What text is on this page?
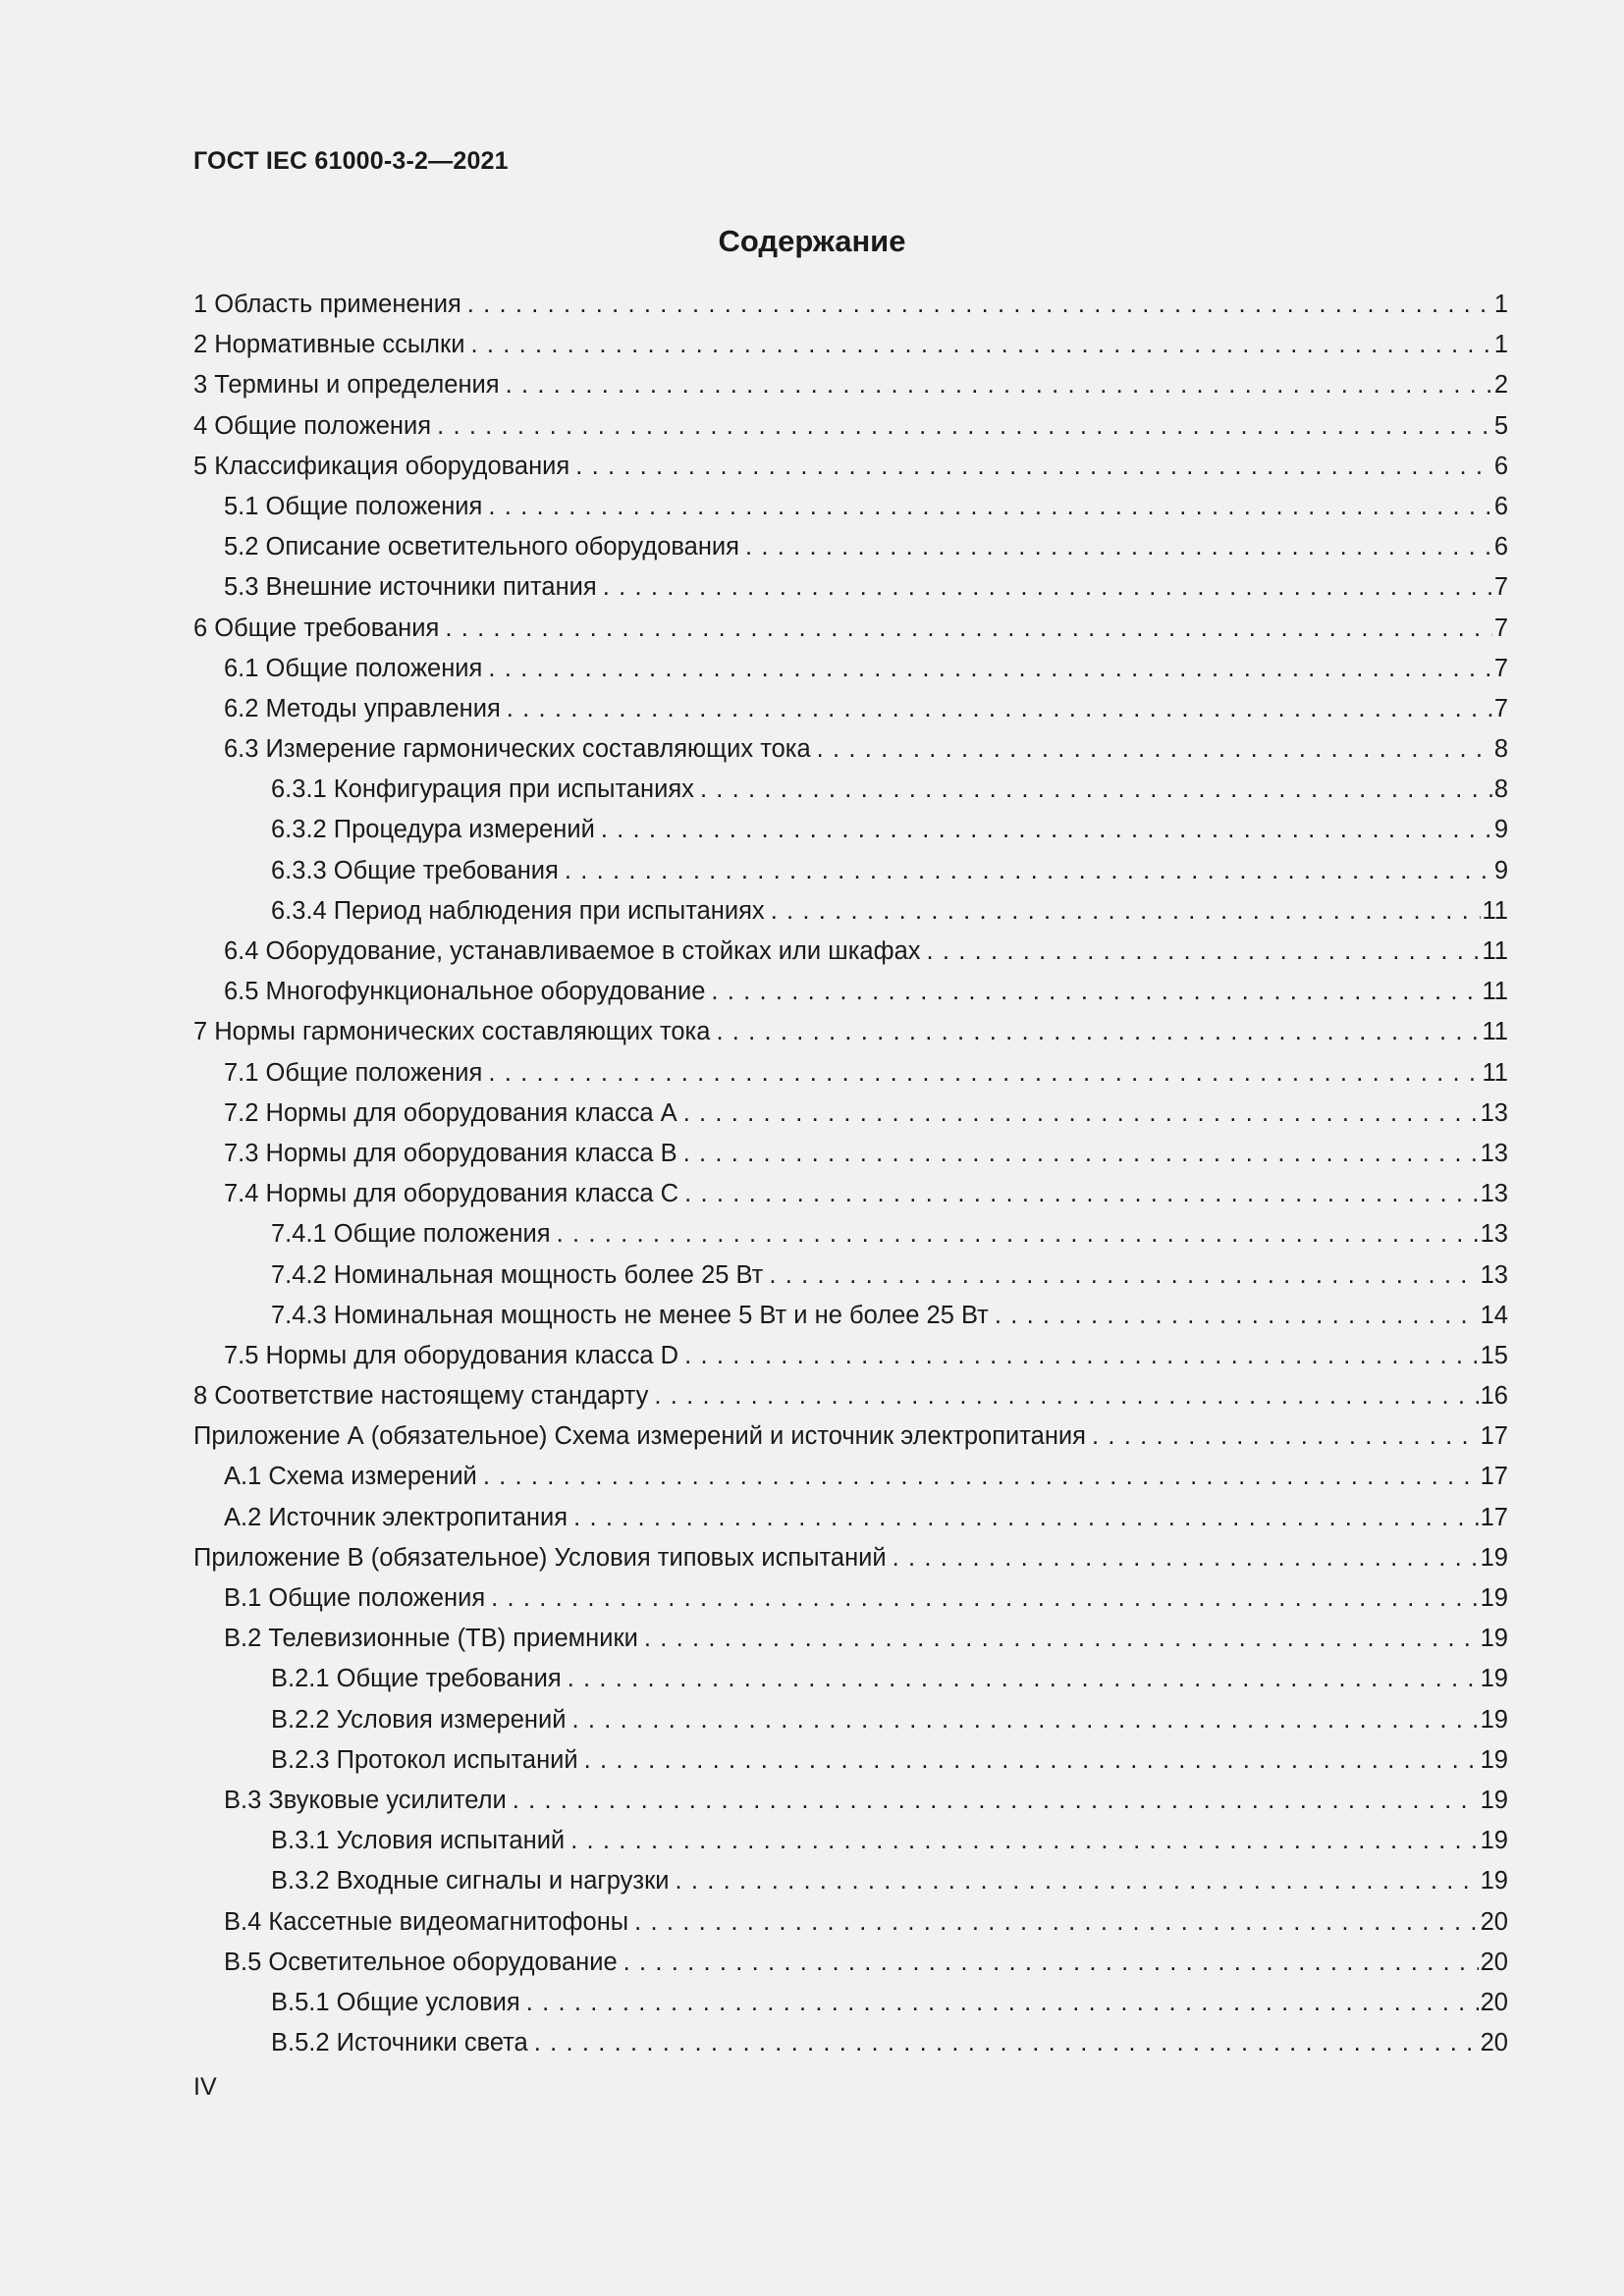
ГОСТ IEC 61000-3-2—2021
Содержание
1 Область применения . . .	1
2 Нормативные ссылки . . .	1
3 Термины и определения . . .	2
4 Общие положения . . .	5
5 Классификация оборудования . . .	6
5.1 Общие положения . . .	6
5.2 Описание осветительного оборудования . . .	6
5.3 Внешние источники питания . . .	7
6 Общие требования . . .	7
6.1 Общие положения . . .	7
6.2 Методы управления . . .	7
6.3 Измерение гармонических составляющих тока . . .	8
6.3.1 Конфигурация при испытаниях . . .	8
6.3.2 Процедура измерений . . .	9
6.3.3 Общие требования . . .	9
6.3.4 Период наблюдения при испытаниях . . .	11
6.4 Оборудование, устанавливаемое в стойках или шкафах . . .	11
6.5 Многофункциональное оборудование . . .	11
7 Нормы гармонических составляющих тока . . .	11
7.1 Общие положения . . .	11
7.2 Нормы для оборудования класса А . . .	13
7.3 Нормы для оборудования класса В . . .	13
7.4 Нормы для оборудования класса С . . .	13
7.4.1 Общие положения . . .	13
7.4.2 Номинальная мощность более 25 Вт . . .	13
7.4.3 Номинальная мощность не менее 5 Вт и не более 25 Вт . . .	14
7.5 Нормы для оборудования класса D . . .	15
8 Соответствие настоящему стандарту . . .	16
Приложение А (обязательное) Схема измерений и источник электропитания . . .	17
А.1 Схема измерений . . .	17
А.2 Источник электропитания . . .	17
Приложение В (обязательное) Условия типовых испытаний . . .	19
В.1 Общие положения . . .	19
В.2 Телевизионные (ТВ) приемники . . .	19
В.2.1 Общие требования . . .	19
В.2.2 Условия измерений . . .	19
В.2.3 Протокол испытаний . . .	19
В.3 Звуковые усилители . . .	19
В.3.1 Условия испытаний . . .	19
В.3.2 Входные сигналы и нагрузки . . .	19
В.4 Кассетные видеомагнитофоны . . .	20
В.5 Осветительное оборудование . . .	20
В.5.1 Общие условия . . .	20
В.5.2 Источники света . . .	20
IV
